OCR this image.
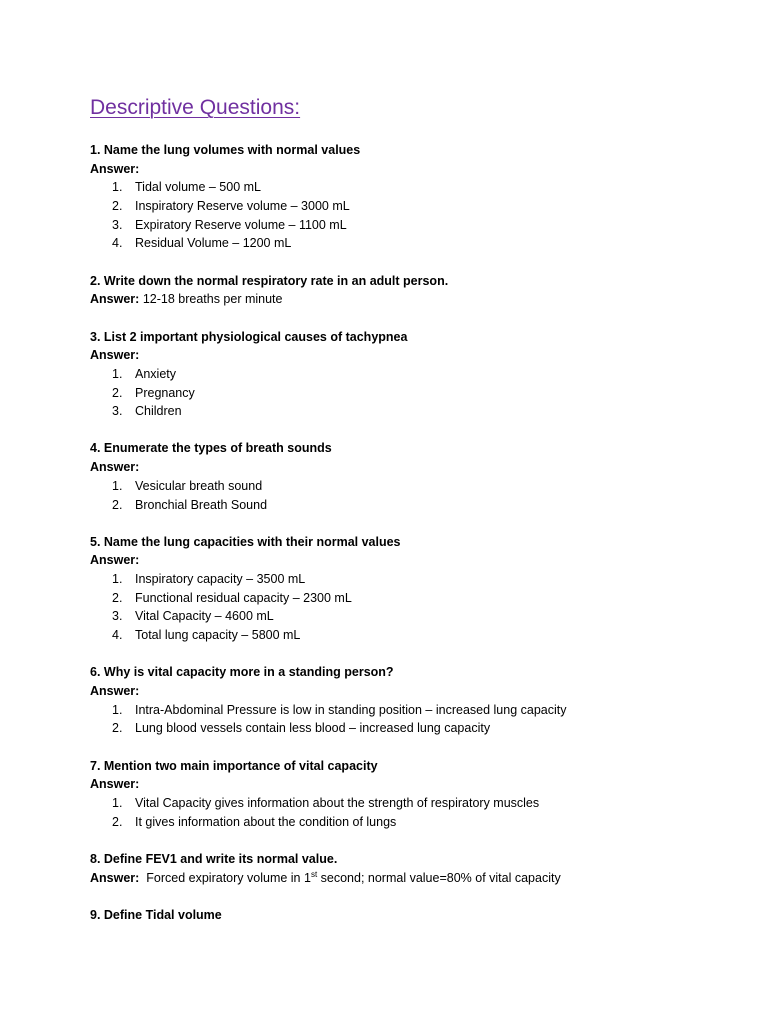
Descriptive Questions:
1. Name the lung volumes with normal values
Answer:
1.	Tidal volume – 500 mL
2.	Inspiratory Reserve volume – 3000 mL
3.	Expiratory Reserve volume – 1100 mL
4.	Residual Volume – 1200 mL
2. Write down the normal respiratory rate in an adult person.
Answer: 12-18 breaths per minute
3. List 2 important physiological causes of tachypnea
Answer:
1.	Anxiety
2.	Pregnancy
3.	Children
4. Enumerate the types of breath sounds
Answer:
1.	Vesicular breath sound
2.	Bronchial Breath Sound
5. Name the lung capacities with their normal values
Answer:
1.	Inspiratory capacity – 3500 mL
2.	Functional residual capacity – 2300 mL
3.	Vital Capacity – 4600 mL
4.	Total lung capacity – 5800 mL
6. Why is vital capacity more in a standing person?
Answer:
1.	Intra-Abdominal Pressure is low in standing position – increased lung capacity
2.	Lung blood vessels contain less blood – increased lung capacity
7. Mention two main importance of vital capacity
Answer:
1.	Vital Capacity gives information about the strength of respiratory muscles
2.	It gives information about the condition of lungs
8. Define FEV1 and write its normal value.
Answer: Forced expiratory volume in 1st second; normal value=80% of vital capacity
9. Define Tidal volume
